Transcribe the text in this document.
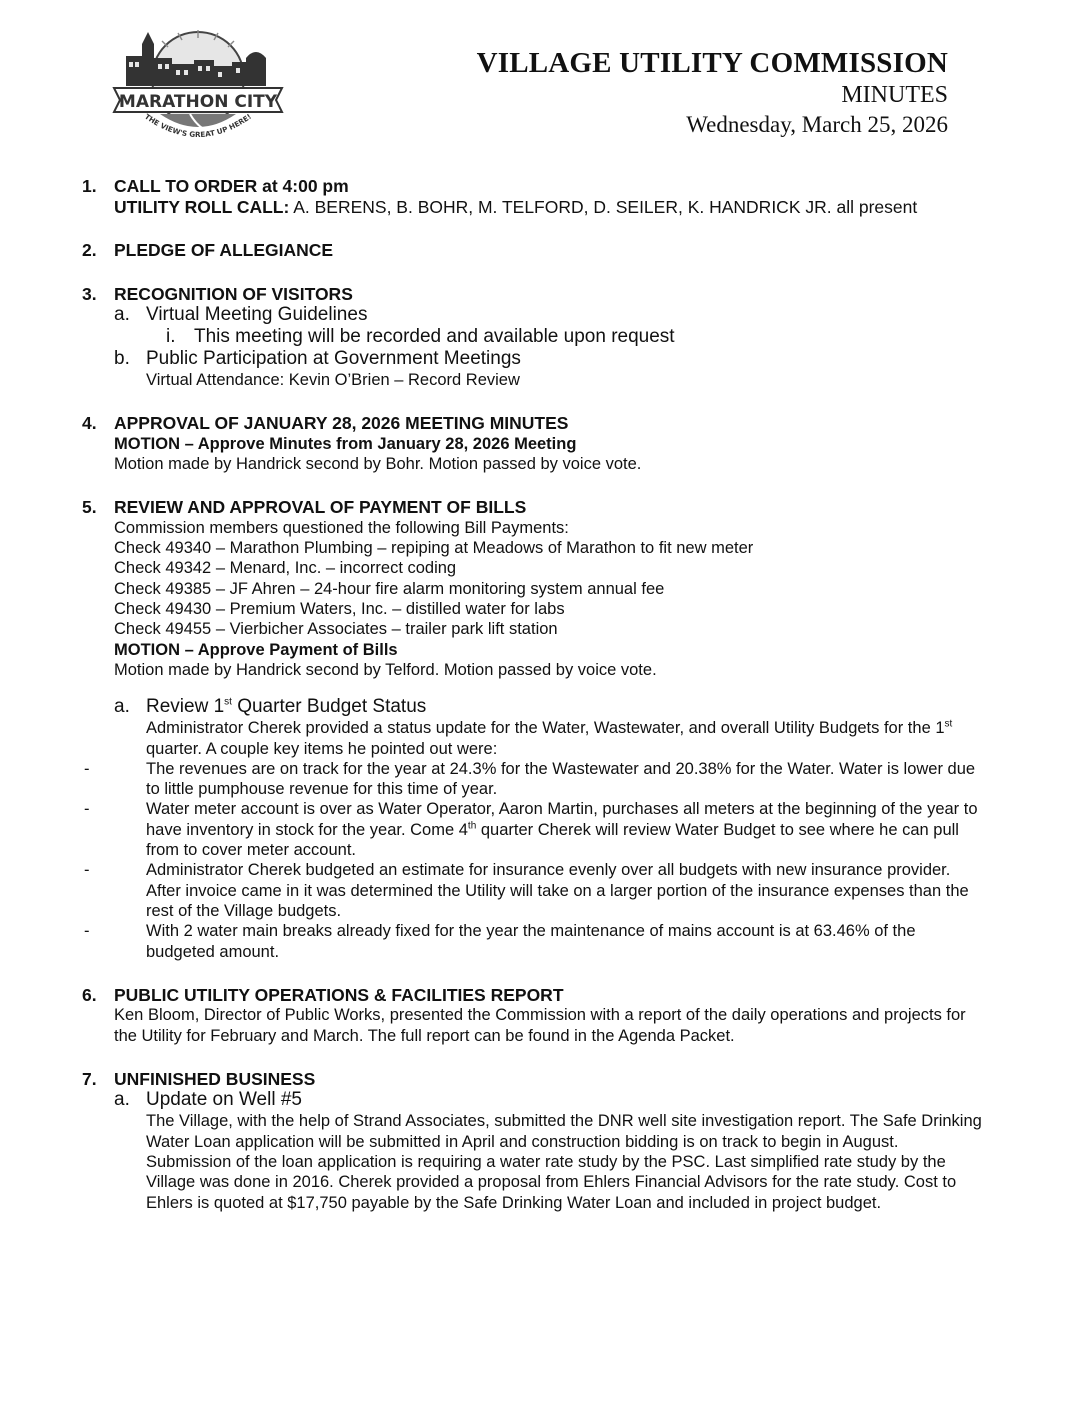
MARATHON CITY
THE VIEW'S GREAT UP HERE!

VILLAGE UTILITY COMMISSION

MINUTES

Wednesday, March 25, 2026

1. CALL TO ORDER at 4:00 pm
UTILITY ROLL CALL: A. BERENS, B. BOHR, M. TELFORD, D. SEILER, K. HANDRICK JR. all present
2. PLEDGE OF ALLEGIANCE
3. RECOGNITION OF VISITORS
a. Virtual Meeting Guidelines
i. This meeting will be recorded and available upon request
b. Public Participation at Government Meetings
Virtual Attendance: Kevin O’Brien – Record Review
4. APPROVAL OF JANUARY 28, 2026 MEETING MINUTES
MOTION – Approve Minutes from January 28, 2026 Meeting
Motion made by Handrick second by Bohr. Motion passed by voice vote.
5. REVIEW AND APPROVAL OF PAYMENT OF BILLS
Commission members questioned the following Bill Payments:
Check 49340 – Marathon Plumbing – repiping at Meadows of Marathon to fit new meter
Check 49342 – Menard, Inc. – incorrect coding
Check 49385 – JF Ahren – 24-hour fire alarm monitoring system annual fee
Check 49430 – Premium Waters, Inc. – distilled water for labs
Check 49455 – Vierbicher Associates – trailer park lift station
MOTION – Approve Payment of Bills
Motion made by Handrick second by Telford. Motion passed by voice vote.
a. Review 1st Quarter Budget Status
Administrator Cherek provided a status update for the Water, Wastewater, and overall Utility Budgets for the 1st quarter. A couple key items he pointed out were:
-	The revenues are on track for the year at 24.3% for the Wastewater and 20.38% for the Water. Water is lower due to little pumphouse revenue for this time of year.
-	Water meter account is over as Water Operator, Aaron Martin, purchases all meters at the beginning of the year to have inventory in stock for the year. Come 4th quarter Cherek will review Water Budget to see where he can pull from to cover meter account.
-	Administrator Cherek budgeted an estimate for insurance evenly over all budgets with new insurance provider. After invoice came in it was determined the Utility will take on a larger portion of the insurance expenses than the rest of the Village budgets.
-	With 2 water main breaks already fixed for the year the maintenance of mains account is at 63.46% of the budgeted amount.
6. PUBLIC UTILITY OPERATIONS & FACILITIES REPORT
Ken Bloom, Director of Public Works, presented the Commission with a report of the daily operations and projects for the Utility for February and March. The full report can be found in the Agenda Packet.
7. UNFINISHED BUSINESS
a. Update on Well #5
The Village, with the help of Strand Associates, submitted the DNR well site investigation report. The Safe Drinking Water Loan application will be submitted in April and construction bidding is on track to begin in August. Submission of the loan application is requiring a water rate study by the PSC. Last simplified rate study by the Village was done in 2016. Cherek provided a proposal from Ehlers Financial Advisors for the rate study. Cost to Ehlers is quoted at $17,750 payable by the Safe Drinking Water Loan and included in project budget.
